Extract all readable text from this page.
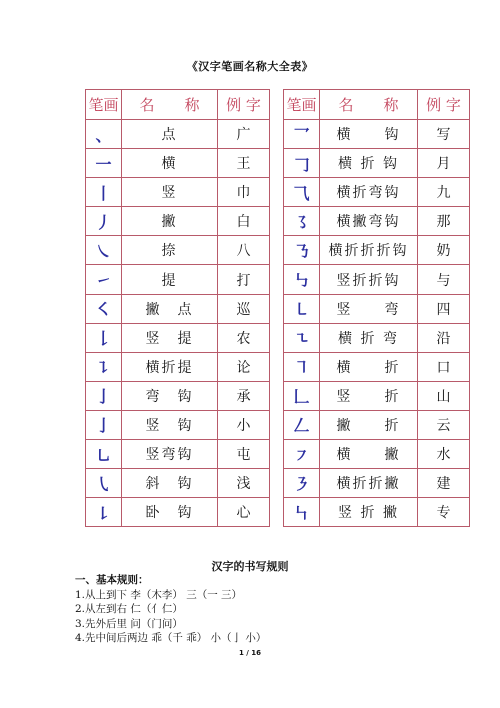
《汉字笔画名称大全表》
笔画	名　　称	例 字		笔画	名　　称	例 字
、	点	广		乛	横　　钩	写
一	横	王		𠃌	横 折 钩	月
丨	竖	巾		⺄	横折弯钩	九
丿	撇	白		㇌	横撇弯钩	那
㇏	捺	八		㇡	横折折折钩	奶
㇀	提	打		㇉	竖折折钩	与
㇛	撇　点	巡		㇄	竖　　弯	四
𠄌	竖　提	农		㇍	横 折 弯	沿
㇊	横折提	论		㇕	横　　折	口
亅	弯　钩	承		𠃊	竖　　折	山
亅	竖　钩	小		𠃋	撇　　折	云
㇟	竖弯钩	屯		㇇	横　　撇	水
㇂	斜　钩	浅		㇋	横折折撇	建
㇙	卧　钩	心		㇞	竖 折 撇	专
汉字的书写规则
一、基本规则：
1.从上到下 李（木李） 三（一 三）
2.从左到右 仁（亻仁）
3.先外后里 问（门问）
4.先中间后两边 乖（千 乖） 小（亅 小）
1 / 16
